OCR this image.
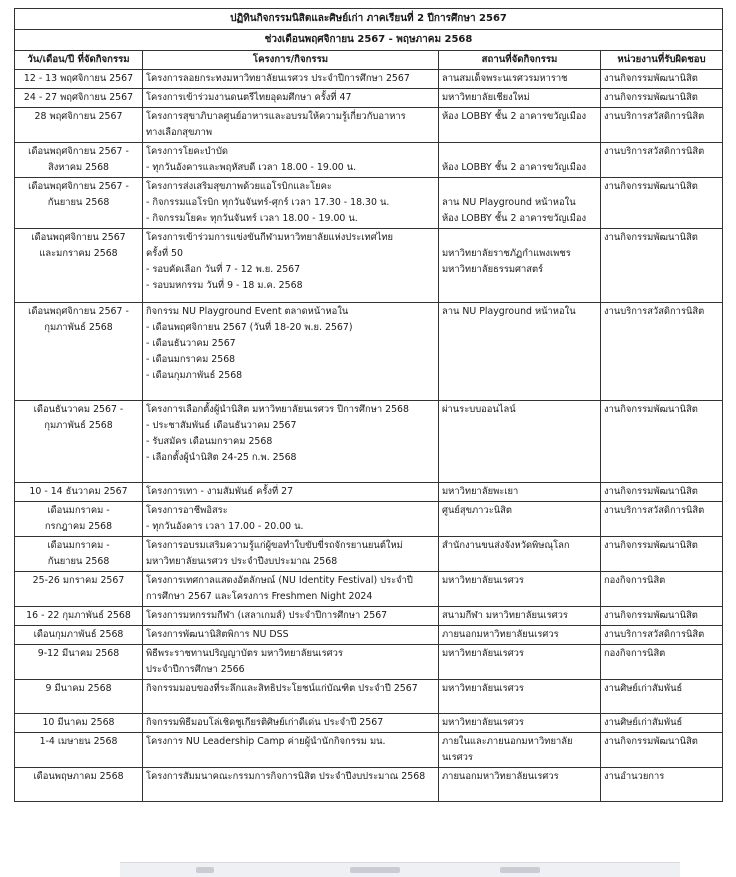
ปฏิทินกิจกรรมนิสิตและศิษย์เก่า ภาคเรียนที่ 2 ปีการศึกษา 2567			
ช่วงเดือนพฤศจิกายน 2567 - พฤษภาคม 2568			
วัน/เดือน/ปี ที่จัดกิจกรรม	โครงการ/กิจกรรม	สถานที่จัดกิจกรรม	หน่วยงานที่รับผิดชอบ

12 - 13 พฤศจิกายน 2567	โครงการลอยกระทงมหาวิทยาลัยนเรศวร ประจำปีการศึกษา 2567	ลานสมเด็จพระนเรศวรมหาราช	งานกิจกรรมพัฒนานิสิต

24 - 27 พฤศจิกายน 2567	โครงการเข้าร่วมงานดนตรีไทยอุดมศึกษา ครั้งที่ 47	มหาวิทยาลัยเชียงใหม่	งานกิจกรรมพัฒนานิสิต

28 พฤศจิกายน 2567	โครงการสุขาภิบาลศูนย์อาหารและอบรมให้ความรู้เกี่ยวกับอาหาร
ทางเลือกสุขภาพ	ห้อง LOBBY ชั้น 2 อาคารขวัญเมือง	งานบริการสวัสดิการนิสิต

เดือนพฤศจิกายน 2567 -
สิงหาคม 2568	โครงการโยคะบำบัด
- ทุกวันอังคารและพฤหัสบดี เวลา 18.00 - 19.00 น.	ห้อง LOBBY ชั้น 2 อาคารขวัญเมือง	งานบริการสวัสดิการนิสิต

เดือนพฤศจิกายน 2567 -
กันยายน 2568	โครงการส่งเสริมสุขภาพด้วยแอโรบิกและโยคะ
- กิจกรรมแอโรบิก ทุกวันจันทร์-ศุกร์ เวลา 17.30 - 18.30 น.
- กิจกรรมโยคะ ทุกวันจันทร์ เวลา 18.00 - 19.00 น.	ลาน NU Playground หน้าหอใน
ห้อง LOBBY ชั้น 2 อาคารขวัญเมือง	งานกิจกรรมพัฒนานิสิต

เดือนพฤศจิกายน 2567
และมกราคม 2568	โครงการเข้าร่วมการแข่งขันกีฬามหาวิทยาลัยแห่งประเทศไทย
ครั้งที่ 50
- รอบคัดเลือก วันที่ 7 - 12 พ.ย. 2567
- รอบมหกรรม วันที่ 9 - 18 ม.ค. 2568	มหาวิทยาลัยราชภัฏกำแพงเพชร
มหาวิทยาลัยธรรมศาสตร์	งานกิจกรรมพัฒนานิสิต

เดือนพฤศจิกายน 2567 -
กุมภาพันธ์ 2568	กิจกรรม NU Playground Event ตลาดหน้าหอใน
- เดือนพฤศจิกายน 2567 (วันที่ 18-20 พ.ย. 2567)
- เดือนธันวาคม 2567
- เดือนมกราคม 2568
- เดือนกุมภาพันธ์ 2568	ลาน NU Playground หน้าหอใน	งานบริการสวัสดิการนิสิต

เดือนธันวาคม 2567 -
กุมภาพันธ์ 2568	โครงการเลือกตั้งผู้นำนิสิต มหาวิทยาลัยนเรศวร ปีการศึกษา 2568
- ประชาสัมพันธ์ เดือนธันวาคม 2567
- รับสมัคร เดือนมกราคม 2568
- เลือกตั้งผู้นำนิสิต 24-25 ก.พ. 2568	ผ่านระบบออนไลน์	งานกิจกรรมพัฒนานิสิต

10 - 14 ธันวาคม 2567	โครงการเทา - งามสัมพันธ์ ครั้งที่ 27	มหาวิทยาลัยพะเยา	งานกิจกรรมพัฒนานิสิต

เดือนมกราคม -
กรกฎาคม 2568	โครงการอาชีพอิสระ
- ทุกวันอังคาร เวลา 17.00 - 20.00 น.	ศูนย์สุขภาวะนิสิต	งานบริการสวัสดิการนิสิต

เดือนมกราคม -
กันยายน 2568	โครงการอบรมเสริมความรู้แก่ผู้ขอทำใบขับขี่รถจักรยานยนต์ใหม่
มหาวิทยาลัยนเรศวร ประจำปีงบประมาณ 2568	สำนักงานขนส่งจังหวัดพิษณุโลก	งานกิจกรรมพัฒนานิสิต

25-26 มกราคม 2567	โครงการเทศกาลแสดงอัตลักษณ์ (NU Identity Festival) ประจำปี
การศึกษา 2567 และโครงการ Freshmen Night 2024	มหาวิทยาลัยนเรศวร	กองกิจการนิสิต

16 - 22 กุมภาพันธ์ 2568	โครงการมหกรรมกีฬา (เสลาเกมส์) ประจำปีการศึกษา 2567	สนามกีฬา มหาวิทยาลัยนเรศวร	งานกิจกรรมพัฒนานิสิต

เดือนกุมภาพันธ์ 2568	โครงการพัฒนานิสิตพิการ NU DSS	ภายนอกมหาวิทยาลัยนเรศวร	งานบริการสวัสดิการนิสิต

9-12 มีนาคม 2568	พิธีพระราชทานปริญญาบัตร มหาวิทยาลัยนเรศวร
ประจำปีการศึกษา 2566	มหาวิทยาลัยนเรศวร	กองกิจการนิสิต

9 มีนาคม 2568	กิจกรรมมอบของที่ระลึกและสิทธิประโยชน์แก่บัณฑิต ประจำปี 2567	มหาวิทยาลัยนเรศวร	งานศิษย์เก่าสัมพันธ์

10 มีนาคม 2568	กิจกรรมพิธีมอบโล่เชิดชูเกียรติศิษย์เก่าดีเด่น ประจำปี 2567	มหาวิทยาลัยนเรศวร	งานศิษย์เก่าสัมพันธ์

1-4 เมษายน 2568	โครงการ NU Leadership Camp ค่ายผู้นำนักกิจกรรม มน.	ภายในและภายนอกมหาวิทยาลัย
นเรศวร	งานกิจกรรมพัฒนานิสิต

เดือนพฤษภาคม 2568	โครงการสัมมนาคณะกรรมการกิจการนิสิต ประจำปีงบประมาณ 2568	ภายนอกมหาวิทยาลัยนเรศวร	งานอำนวยการ
